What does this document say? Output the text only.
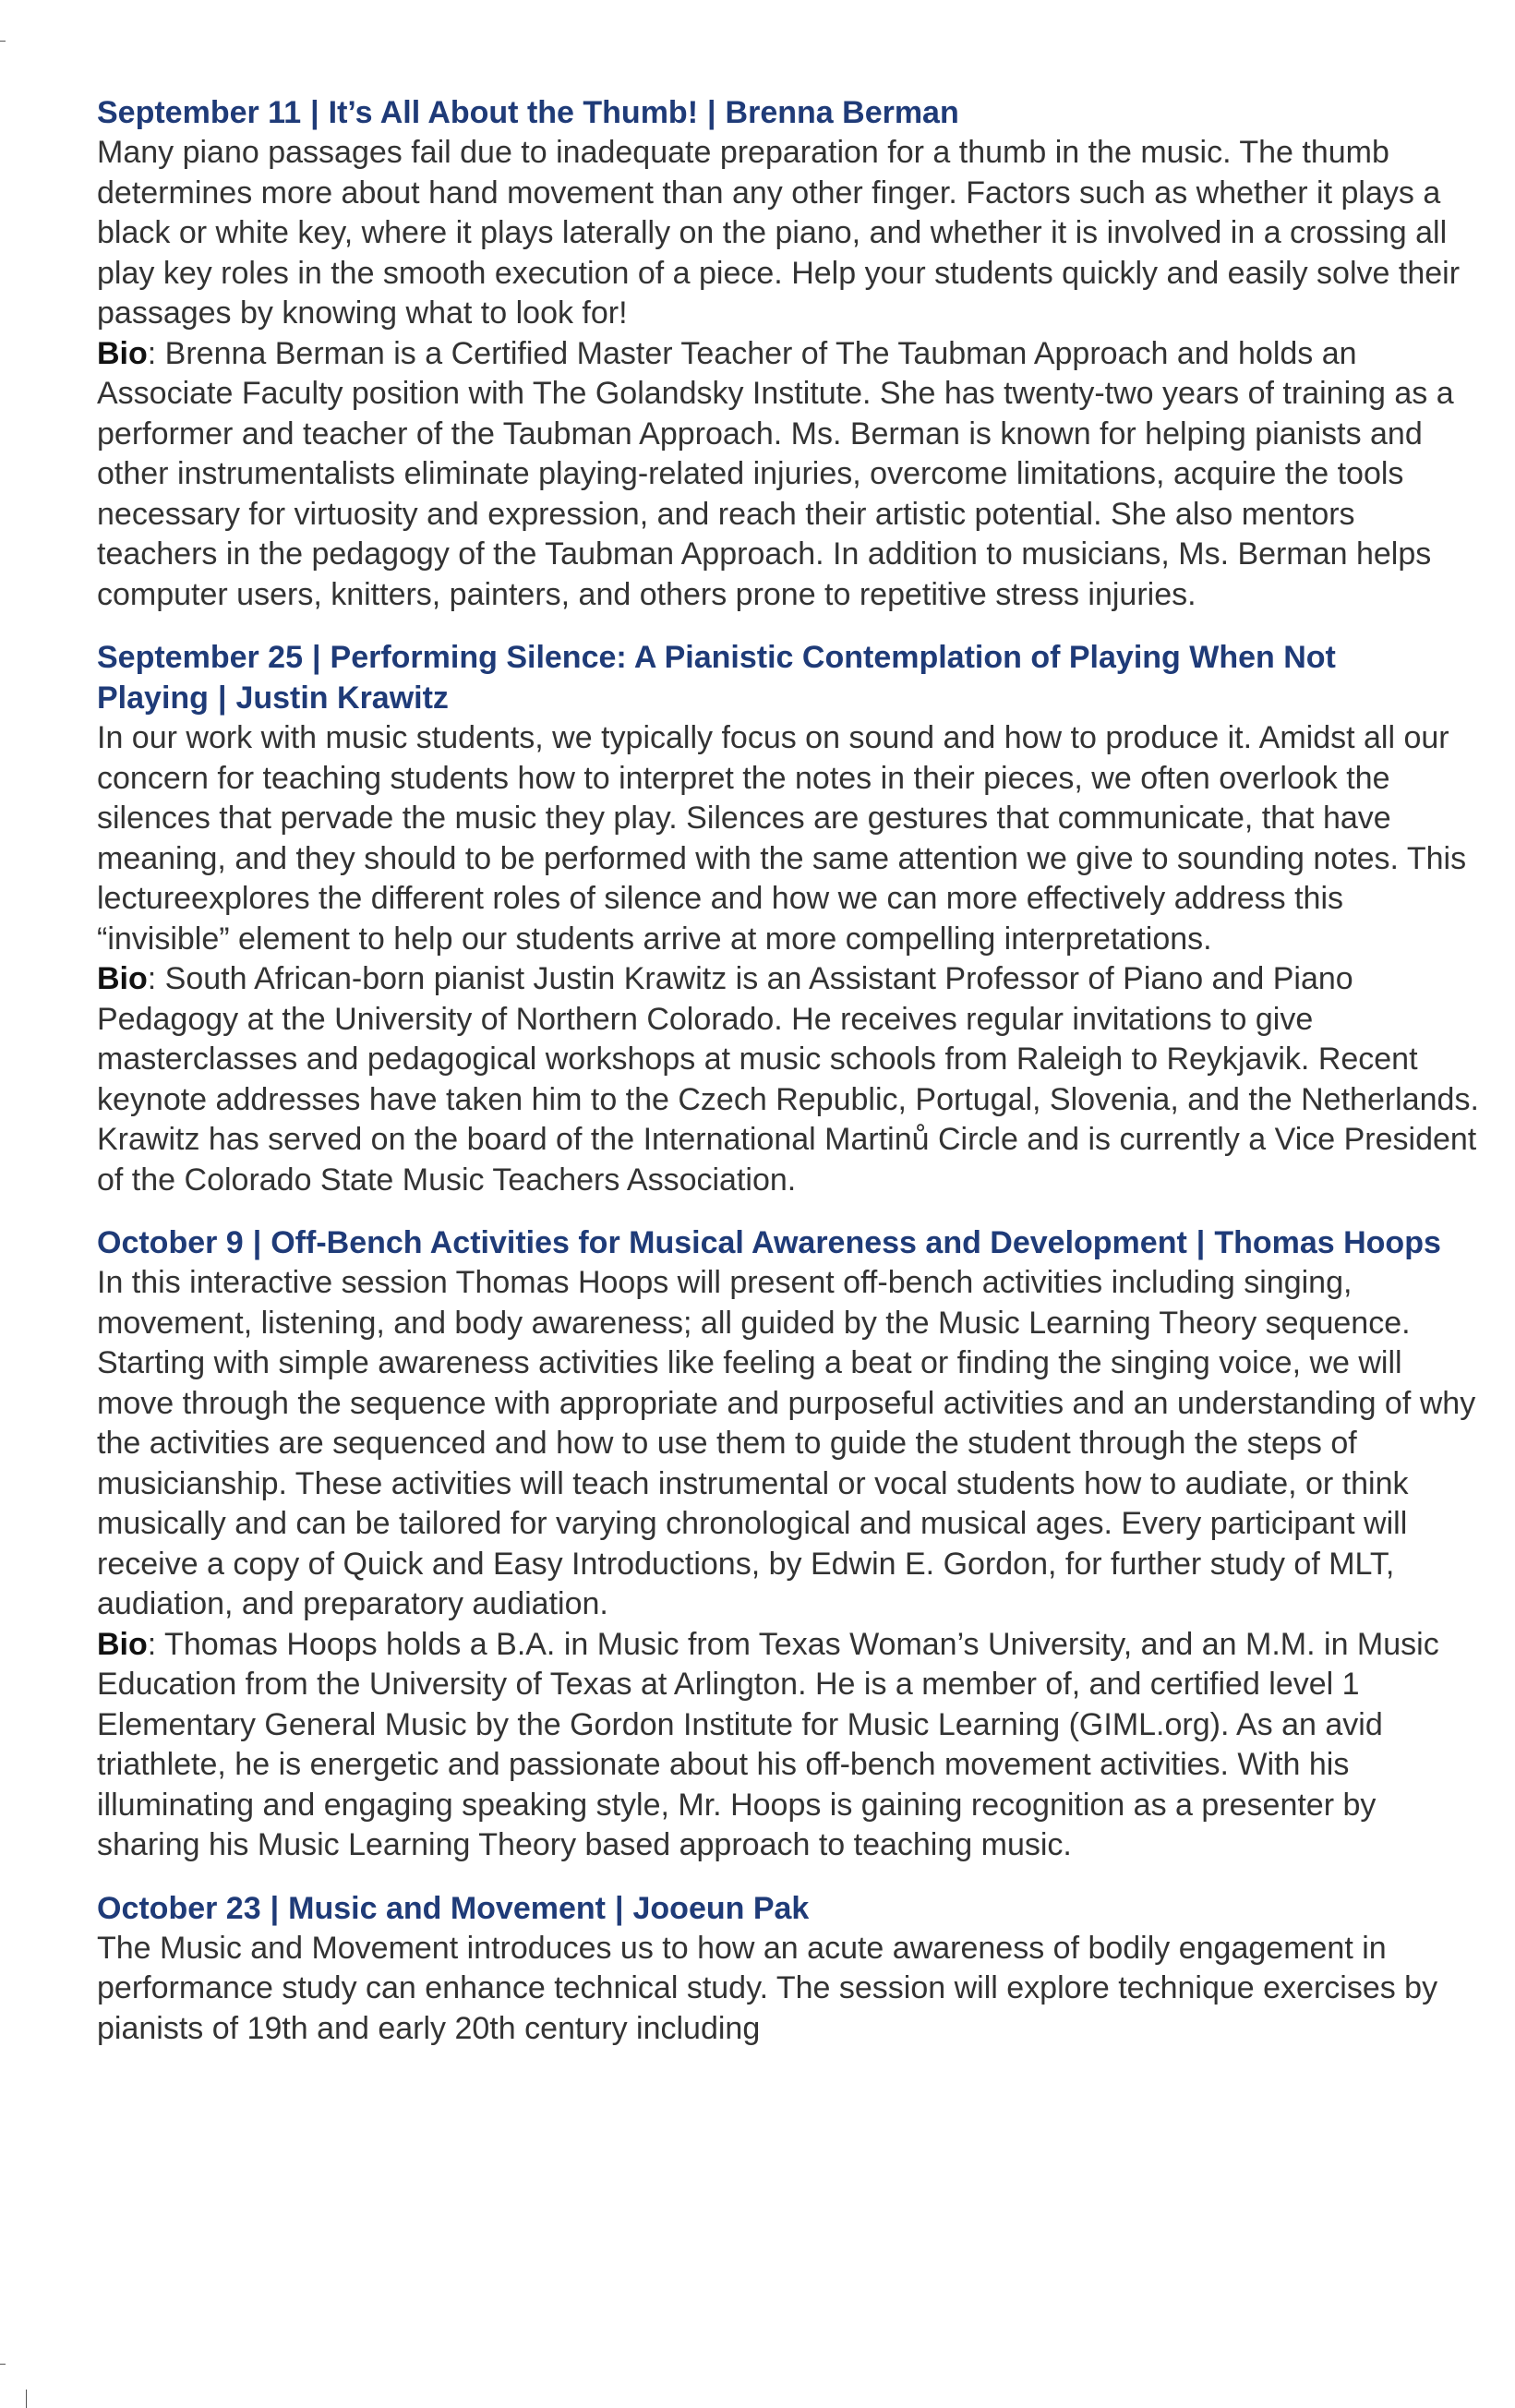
September 11 | It’s All About the Thumb! | Brenna Berman

Many piano passages fail due to inadequate preparation for a thumb in the music. The thumb determines more about hand movement than any other finger. Factors such as whether it plays a black or white key, where it plays laterally on the piano, and whether it is involved in a crossing all play key roles in the smooth execution of a piece. Help your students quickly and easily solve their passages by knowing what to look for!

Bio: Brenna Berman is a Certified Master Teacher of The Taubman Approach and holds an Associate Faculty position with The Golandsky Institute. She has twenty-two years of training as a performer and teacher of the Taubman Approach. Ms. Berman is known for helping pianists and other instrumentalists eliminate playing-related injuries, overcome limitations, acquire the tools necessary for virtuosity and expression, and reach their artistic potential. She also mentors teachers in the pedagogy of the Taubman Approach. In addition to musicians, Ms. Berman helps computer users, knitters, painters, and others prone to repetitive stress injuries.

September 25 | Performing Silence: A Pianistic Contemplation of Playing When Not Playing | Justin Krawitz

In our work with music students, we typically focus on sound and how to produce it. Amidst all our concern for teaching students how to interpret the notes in their pieces, we often overlook the silences that pervade the music they play. Silences are gestures that communicate, that have meaning, and they should to be performed with the same attention we give to sounding notes. This lectureexplores the different roles of silence and how we can more effectively address this “invisible” element to help our students arrive at more compelling interpretations.

Bio: South African-born pianist Justin Krawitz is an Assistant Professor of Piano and Piano Pedagogy at the University of Northern Colorado. He receives regular invitations to give masterclasses and pedagogical workshops at music schools from Raleigh to Reykjavik. Recent keynote addresses have taken him to the Czech Republic, Portugal, Slovenia, and the Netherlands. Krawitz has served on the board of the International Martinů Circle and is currently a Vice President of the Colorado State Music Teachers Association.

October 9 | Off-Bench Activities for Musical Awareness and Development | Thomas Hoops

In this interactive session Thomas Hoops will present off-bench activities including singing, movement, listening, and body awareness; all guided by the Music Learning Theory sequence. Starting with simple awareness activities like feeling a beat or finding the singing voice, we will move through the sequence with appropriate and purposeful activities and an understanding of why the activities are sequenced and how to use them to guide the student through the steps of musicianship. These activities will teach instrumental or vocal students how to audiate, or think musically and can be tailored for varying chronological and musical ages. Every participant will receive a copy of Quick and Easy Introductions, by Edwin E. Gordon, for further study of MLT, audiation, and preparatory audiation.

Bio: Thomas Hoops holds a B.A. in Music from Texas Woman’s University, and an M.M. in Music Education from the University of Texas at Arlington. He is a member of, and certified level 1 Elementary General Music by the Gordon Institute for Music Learning (GIML.org). As an avid triathlete, he is energetic and passionate about his off-bench movement activities. With his illuminating and engaging speaking style, Mr. Hoops is gaining recognition as a presenter by sharing his Music Learning Theory based approach to teaching music.

October 23 | Music and Movement | Jooeun Pak

The Music and Movement introduces us to how an acute awareness of bodily engagement in performance study can enhance technical study. The session will explore technique exercises by pianists of 19th and early 20th century including
